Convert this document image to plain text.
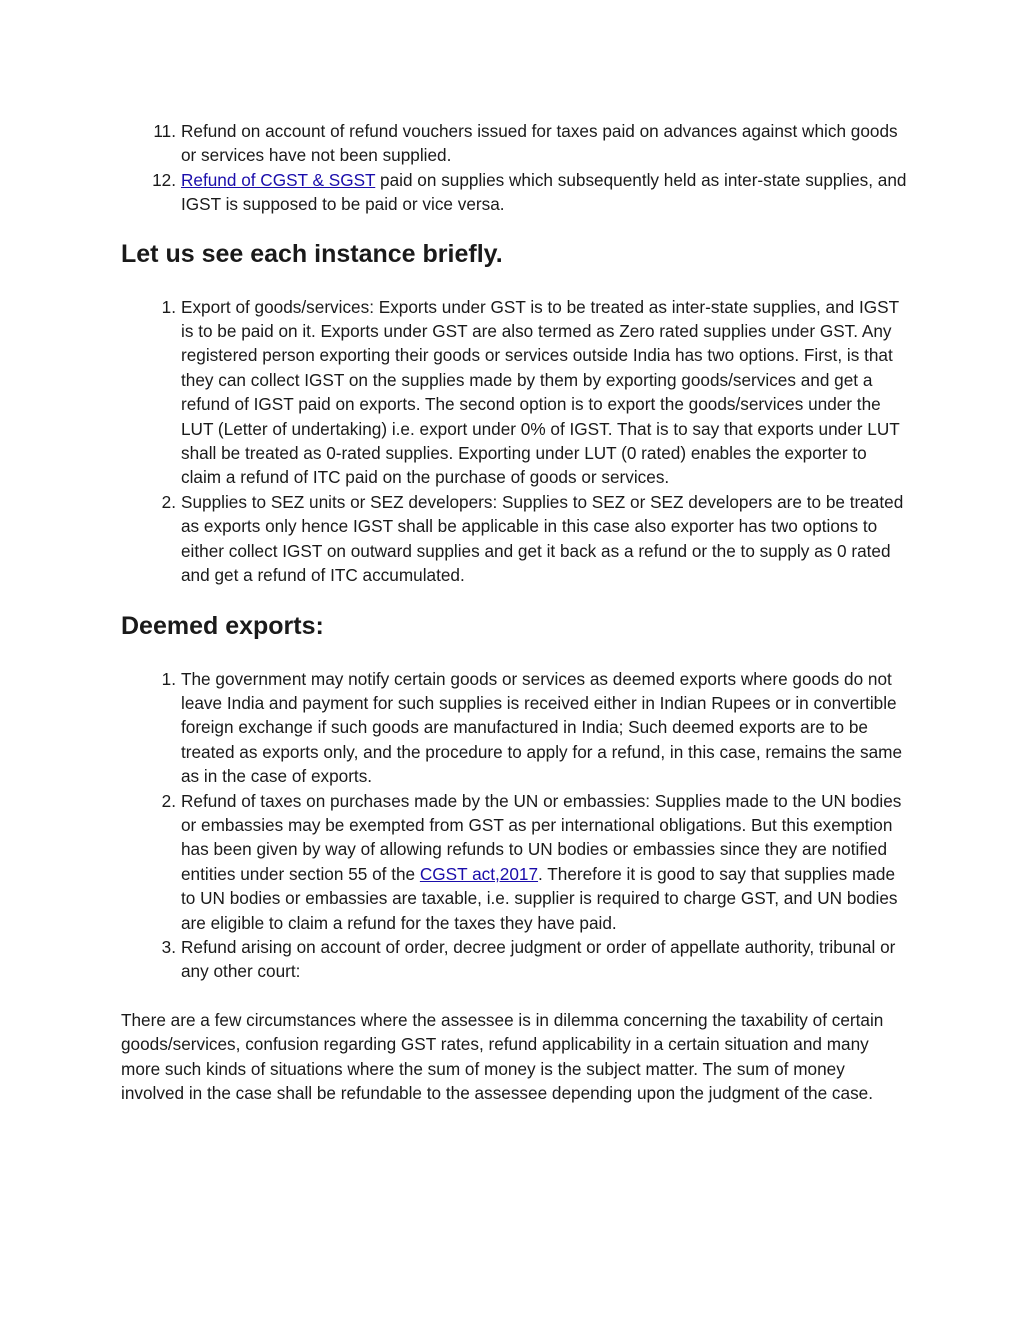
11. Refund on account of refund vouchers issued for taxes paid on advances against which goods or services have not been supplied.
12. Refund of CGST & SGST paid on supplies which subsequently held as inter-state supplies, and IGST is supposed to be paid or vice versa.
Let us see each instance briefly.
1. Export of goods/services: Exports under GST is to be treated as inter-state supplies, and IGST is to be paid on it. Exports under GST are also termed as Zero rated supplies under GST. Any registered person exporting their goods or services outside India has two options. First, is that they can collect IGST on the supplies made by them by exporting goods/services and get a refund of IGST paid on exports. The second option is to export the goods/services under the LUT (Letter of undertaking) i.e. export under 0% of IGST. That is to say that exports under LUT shall be treated as 0-rated supplies. Exporting under LUT (0 rated) enables the exporter to claim a refund of ITC paid on the purchase of goods or services.
2. Supplies to SEZ units or SEZ developers: Supplies to SEZ or SEZ developers are to be treated as exports only hence IGST shall be applicable in this case also exporter has two options to either collect IGST on outward supplies and get it back as a refund or the to supply as 0 rated and get a refund of ITC accumulated.
Deemed exports:
1. The government may notify certain goods or services as deemed exports where goods do not leave India and payment for such supplies is received either in Indian Rupees or in convertible foreign exchange if such goods are manufactured in India; Such deemed exports are to be treated as exports only, and the procedure to apply for a refund, in this case, remains the same as in the case of exports.
2. Refund of taxes on purchases made by the UN or embassies: Supplies made to the UN bodies or embassies may be exempted from GST as per international obligations. But this exemption has been given by way of allowing refunds to UN bodies or embassies since they are notified entities under section 55 of the CGST act,2017. Therefore it is good to say that supplies made to UN bodies or embassies are taxable, i.e. supplier is required to charge GST, and UN bodies are eligible to claim a refund for the taxes they have paid.
3. Refund arising on account of order, decree judgment or order of appellate authority, tribunal or any other court:

There are a few circumstances where the assessee is in dilemma concerning the taxability of certain goods/services, confusion regarding GST rates, refund applicability in a certain situation and many more such kinds of situations where the sum of money is the subject matter. The sum of money involved in the case shall be refundable to the assessee depending upon the judgment of the case.
